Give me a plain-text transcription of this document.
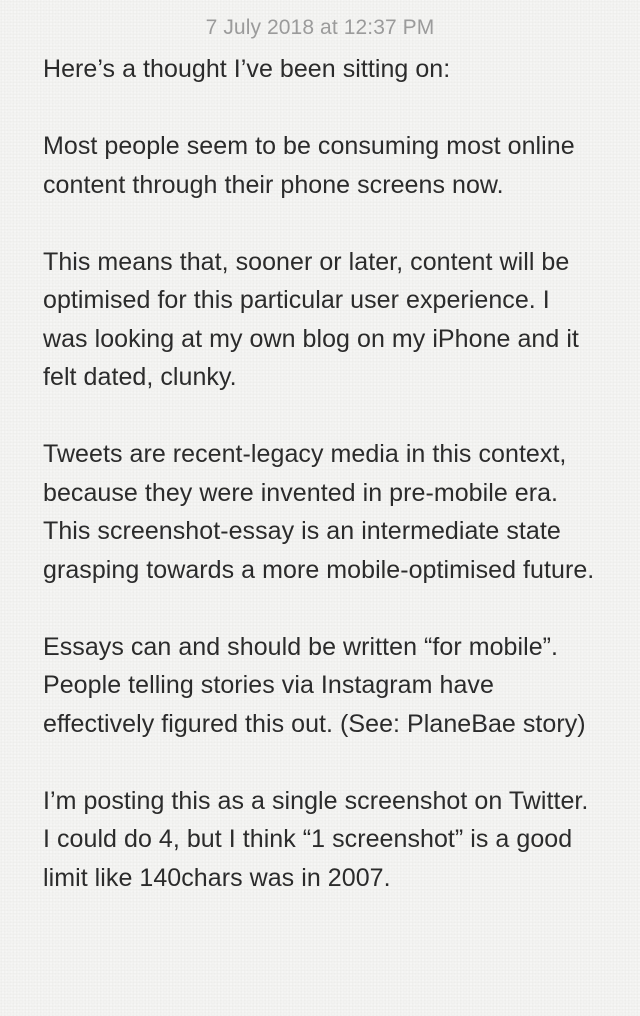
7 July 2018 at 12:37 PM

Here’s a thought I’ve been sitting on:

Most people seem to be consuming most online content through their phone screens now.

This means that, sooner or later, content will be optimised for this particular user experience. I was looking at my own blog on my iPhone and it felt dated, clunky.

Tweets are recent-legacy media in this context, because they were invented in pre-mobile era. This screenshot-essay is an intermediate state grasping towards a more mobile-optimised future.

Essays can and should be written “for mobile”. People telling stories via Instagram have effectively figured this out. (See: PlaneBae story)

I’m posting this as a single screenshot on Twitter. I could do 4, but I think “1 screenshot” is a good limit like 140chars was in 2007.
